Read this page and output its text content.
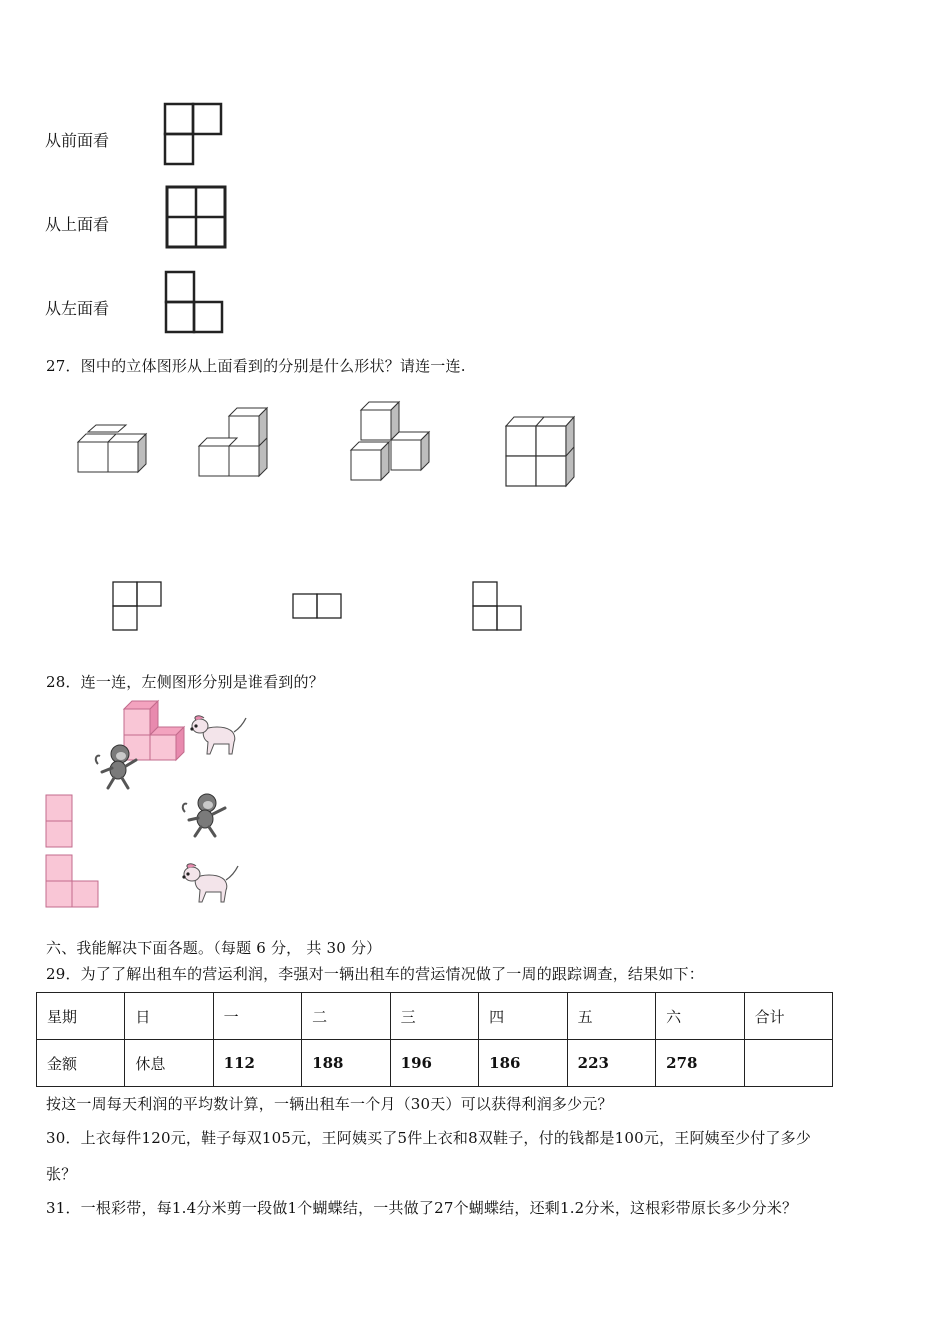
从前面看
从上面看
从左面看
27．图中的立体图形从上面看到的分别是什么形状？请连一连.
28．连一连，左侧图形分别是谁看到的？
六、我能解决下面各题。（每题 6 分， 共 30 分）
29．为了了解出租车的营运利润，李强对一辆出租车的营运情况做了一周的跟踪调查，结果如下：
星期	日	一	二	三	四	五	六	合计
金额	休息	112	188	196	186	223	278	
按这一周每天利润的平均数计算，一辆出租车一个月（30天）可以获得利润多少元？
30．上衣每件120元，鞋子每双105元，王阿姨买了5件上衣和8双鞋子，付的钱都是100元，王阿姨至少付了多少
张？
31．一根彩带，每1.4分米剪一段做1个蝴蝶结，一共做了27个蝴蝶结，还剩1.2分米，这根彩带原长多少分米？
